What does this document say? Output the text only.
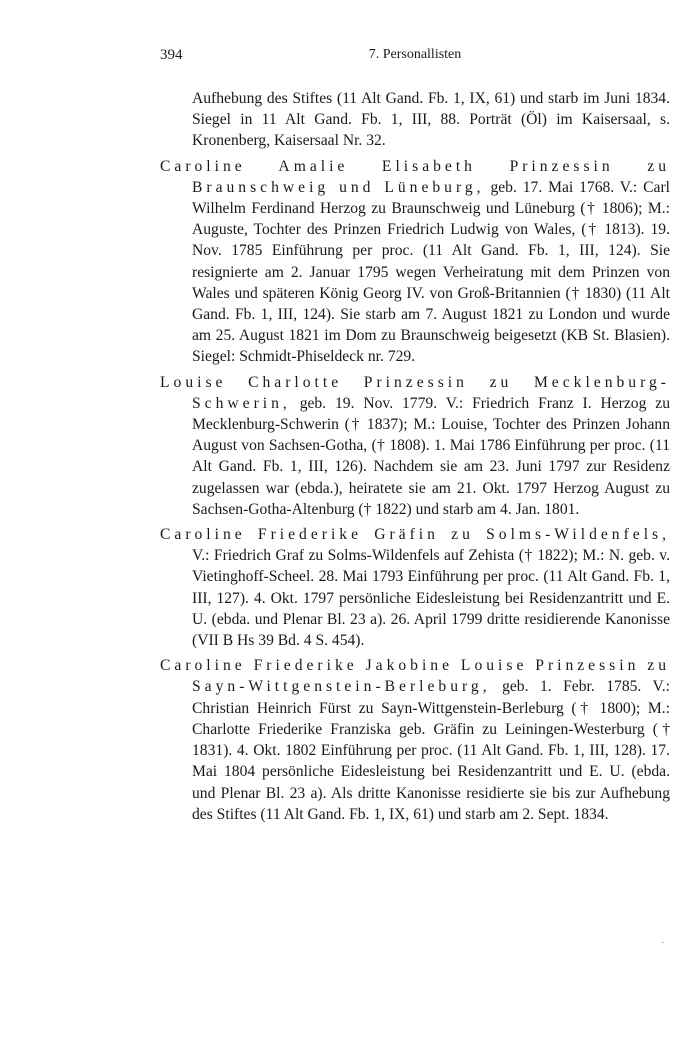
394	7. Personallisten

Aufhebung des Stiftes (11 Alt Gand. Fb. 1, IX, 61) und starb im Juni 1834. Siegel in 11 Alt Gand. Fb. 1, III, 88. Porträt (Öl) im Kaisersaal, s. Kronenberg, Kaisersaal Nr. 32.

Caroline Amalie Elisabeth Prinzessin zu Braunschweig und Lüneburg, geb. 17. Mai 1768. V.: Carl Wilhelm Ferdinand Herzog zu Braunschweig und Lüneburg († 1806); M.: Auguste, Tochter des Prinzen Friedrich Ludwig von Wales, († 1813). 19. Nov. 1785 Einführung per proc. (11 Alt Gand. Fb. 1, III, 124). Sie resignierte am 2. Januar 1795 wegen Verheiratung mit dem Prinzen von Wales und späteren König Georg IV. von Groß-Britannien († 1830) (11 Alt Gand. Fb. 1, III, 124). Sie starb am 7. August 1821 zu London und wurde am 25. August 1821 im Dom zu Braunschweig beigesetzt (KB St. Blasien). Siegel: Schmidt-Phiseldeck nr. 729.

Louise Charlotte Prinzessin zu Mecklenburg-Schwerin, geb. 19. Nov. 1779. V.: Friedrich Franz I. Herzog zu Mecklenburg-Schwerin († 1837); M.: Louise, Tochter des Prinzen Johann August von Sachsen-Gotha, († 1808). 1. Mai 1786 Einführung per proc. (11 Alt Gand. Fb. 1, III, 126). Nachdem sie am 23. Juni 1797 zur Residenz zugelassen war (ebda.), heiratete sie am 21. Okt. 1797 Herzog August zu Sachsen-Gotha-Altenburg († 1822) und starb am 4. Jan. 1801.

Caroline Friederike Gräfin zu Solms-Wildenfels, V.: Friedrich Graf zu Solms-Wildenfels auf Zehista († 1822); M.: N. geb. v. Vietinghoff-Scheel. 28. Mai 1793 Einführung per proc. (11 Alt Gand. Fb. 1, III, 127). 4. Okt. 1797 persönliche Eidesleistung bei Residenzantritt und E. U. (ebda. und Plenar Bl. 23 a). 26. April 1799 dritte residierende Kanonisse (VII B Hs 39 Bd. 4 S. 454).

Caroline Friederike Jakobine Louise Prinzessin zu Sayn-Wittgenstein-Berleburg, geb. 1. Febr. 1785. V.: Christian Heinrich Fürst zu Sayn-Wittgenstein-Berleburg († 1800); M.: Charlotte Friederike Franziska geb. Gräfin zu Leiningen-Westerburg († 1831). 4. Okt. 1802 Einführung per proc. (11 Alt Gand. Fb. 1, III, 128). 17. Mai 1804 persönliche Eidesleistung bei Residenzantritt und E. U. (ebda. und Plenar Bl. 23 a). Als dritte Kanonisse residierte sie bis zur Aufhebung des Stiftes (11 Alt Gand. Fb. 1, IX, 61) und starb am 2. Sept. 1834.
